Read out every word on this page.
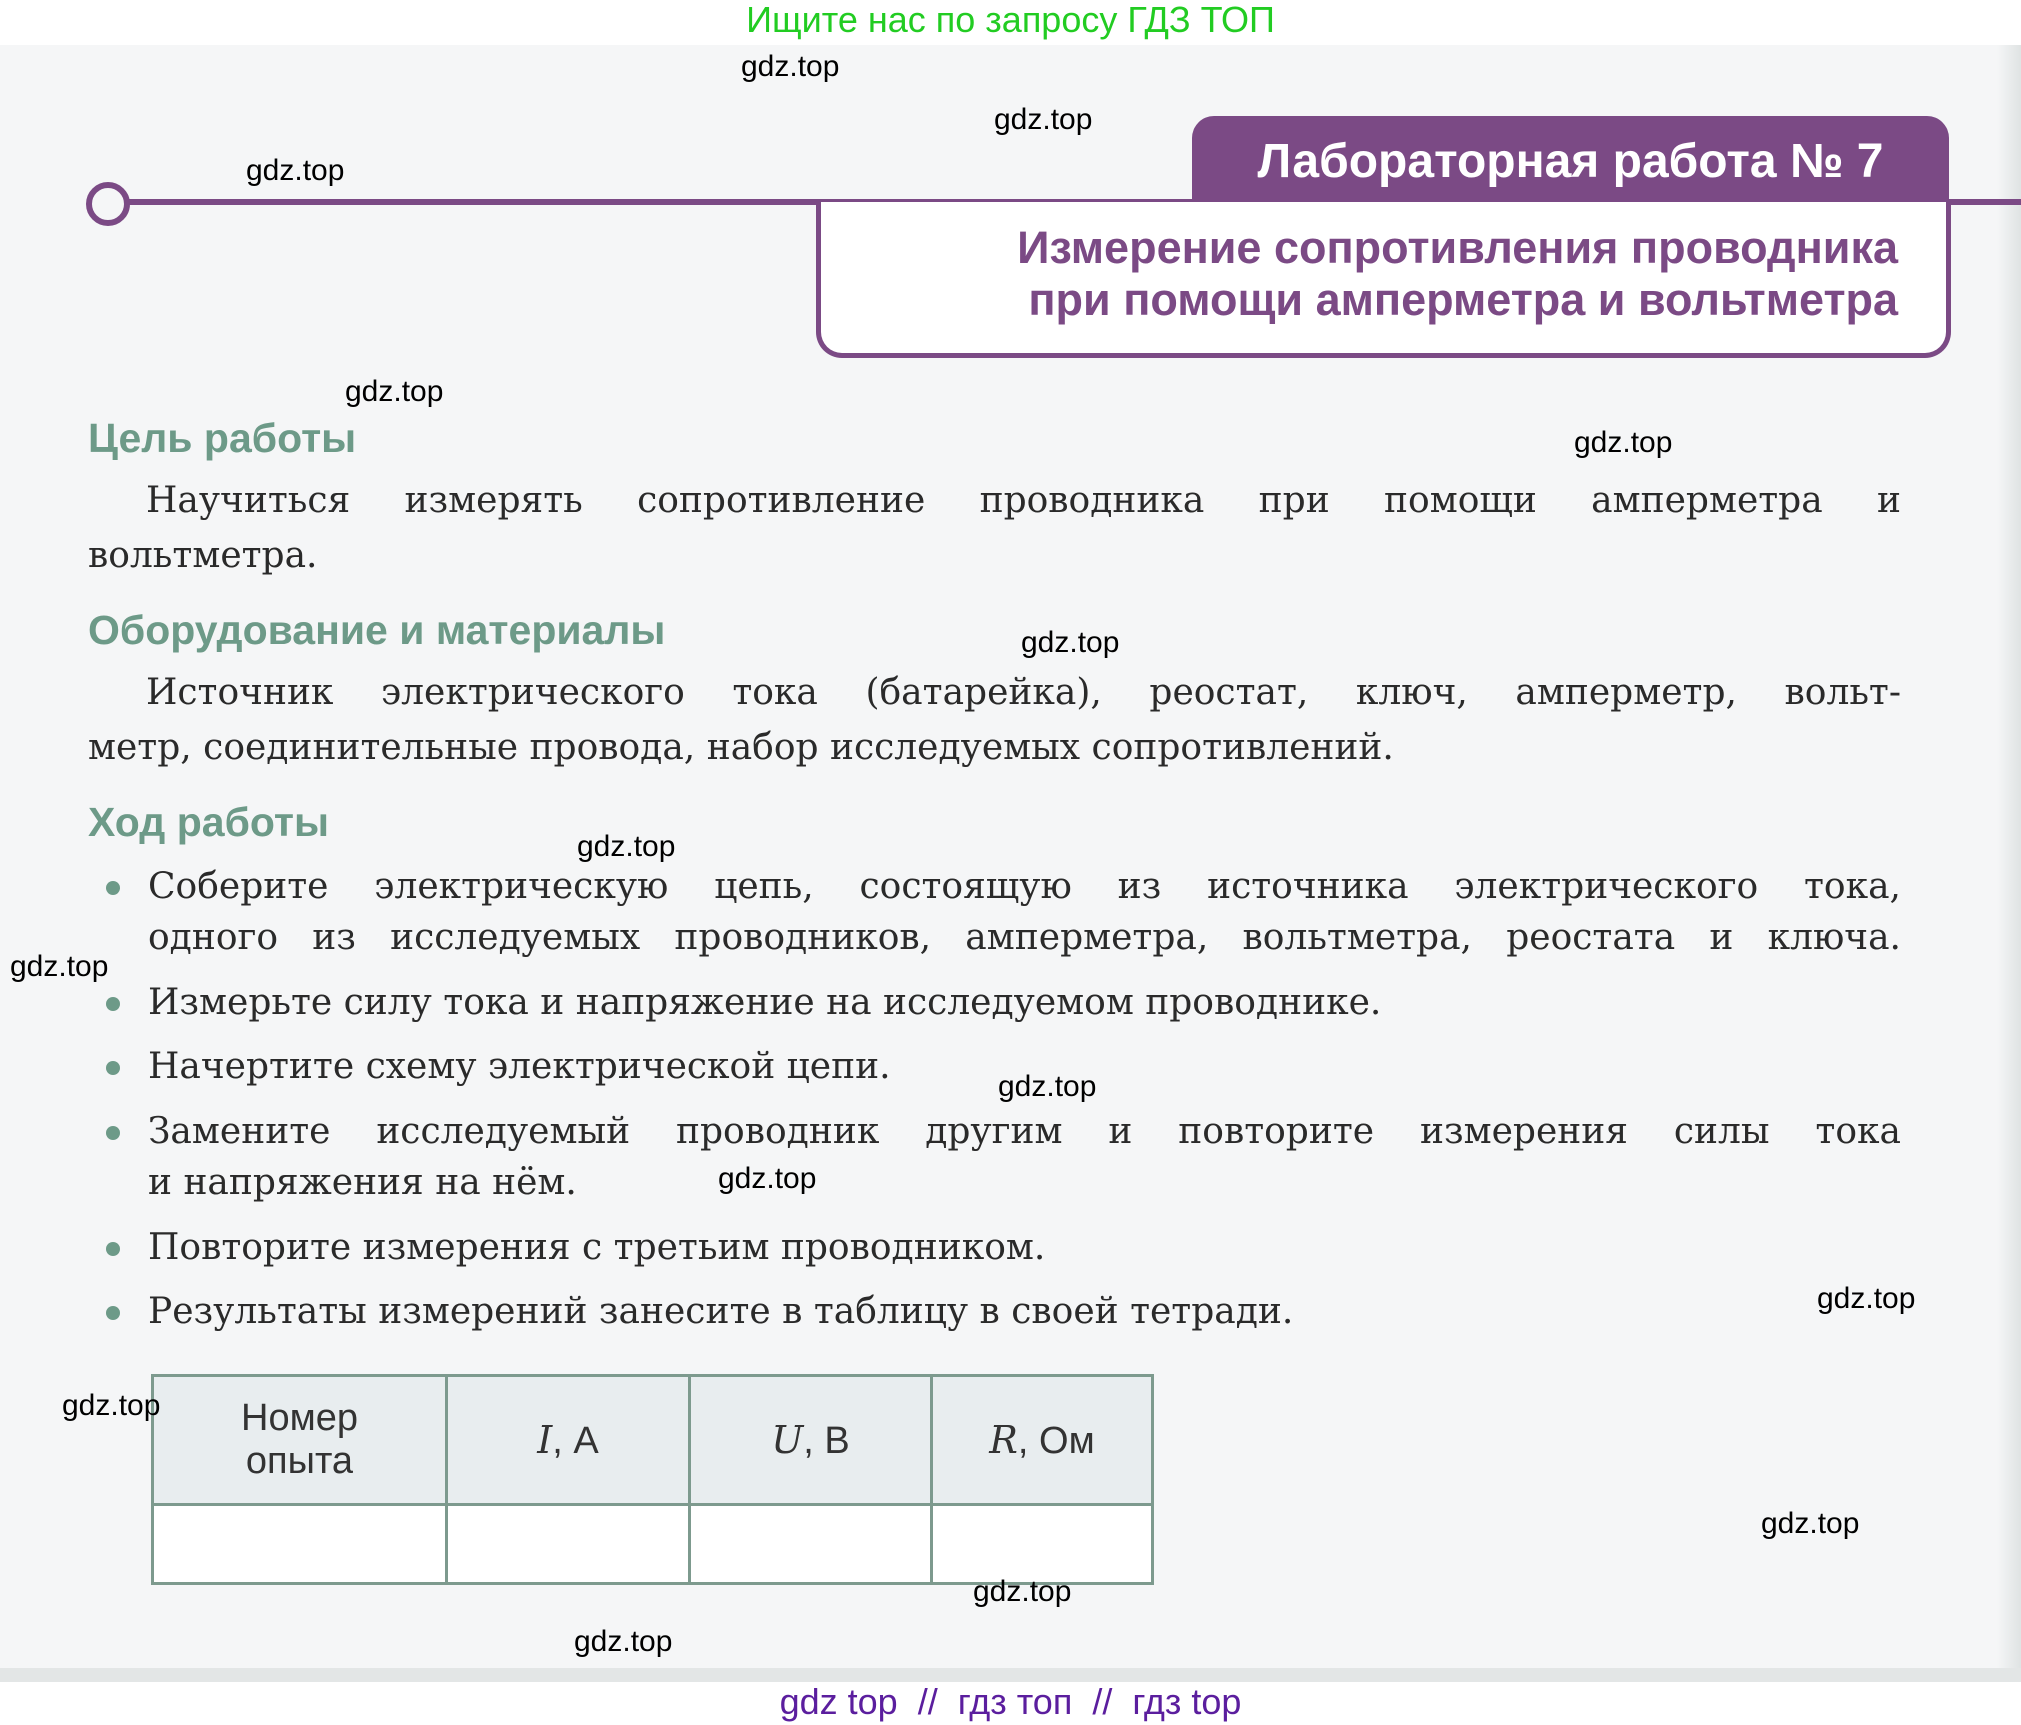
Ищите нас по запросу ГДЗ ТОП
Лабораторная работа № 7
Измерение сопротивления проводника
при помощи амперметра и вольтметра
Цель работы
Научиться измерять сопротивление проводника при помощи амперметра и
вольтметра.
Оборудование и материалы
Источник электрического тока (батарейка), реостат, ключ, амперметр, вольт-
метр, соединительные провода, набор исследуемых сопротивлений.
Ход работы
Соберите электрическую цепь, состоящую из источника электрического тока,
одного из исследуемых проводников, амперметра, вольтметра, реостата и ключа.
Измерьте силу тока и напряжение на исследуемом проводнике.
Начертите схему электрической цепи.
Замените исследуемый проводник другим и повторите измерения силы тока
и напряжения на нём.
Повторите измерения с третьим проводником.
Результаты измерений занесите в таблицу в своей тетради.
Номер
опыта	I, А	U, В	R, Ом

gdz.top
gdz.top
gdz.top
gdz.top
gdz.top
gdz.top
gdz.top
gdz.top
gdz.top
gdz.top
gdz.top
gdz.top
gdz.top
gdz.top
gdz.top
gdz top  //  гдз топ  //  гдз top
